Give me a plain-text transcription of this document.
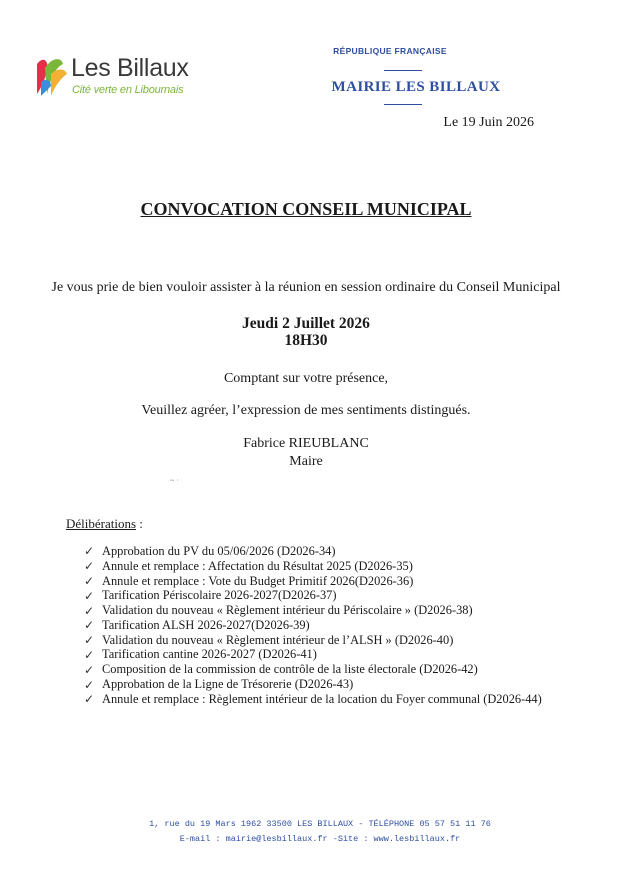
Les Billaux
Cité verte en Libournais
RÉPUBLIQUE FRANÇAISE
MAIRIE LES BILLAUX
Le 19 Juin 2026
CONVOCATION CONSEIL MUNICIPAL
Je vous prie de bien vouloir assister à la réunion en session ordinaire du Conseil Municipal
Jeudi 2 Juillet 2026
18H30
Comptant sur votre présence,
Veuillez agréer, l’expression de mes sentiments distingués.
Fabrice RIEUBLANC
Maire
~ ·
Délibérations :
✓ Approbation du PV du 05/06/2026 (D2026-34)
✓ Annule et remplace : Affectation du Résultat 2025 (D2026-35)
✓ Annule et remplace : Vote du Budget Primitif 2026(D2026-36)
✓ Tarification Périscolaire 2026-2027(D2026-37)
✓ Validation du nouveau « Règlement intérieur du Périscolaire » (D2026-38)
✓ Tarification ALSH 2026-2027(D2026-39)
✓ Validation du nouveau « Règlement intérieur de l’ALSH » (D2026-40)
✓ Tarification cantine 2026-2027 (D2026-41)
✓ Composition de la commission de contrôle de la liste électorale (D2026-42)
✓ Approbation de la Ligne de Trésorerie (D2026-43)
✓ Annule et remplace : Règlement intérieur de la location du Foyer communal (D2026-44)
1, rue du 19 Mars 1962 33500 LES BILLAUX - TÉLÉPHONE 05 57 51 11 76
E-mail : mairie@lesbillaux.fr -Site : www.lesbillaux.fr
